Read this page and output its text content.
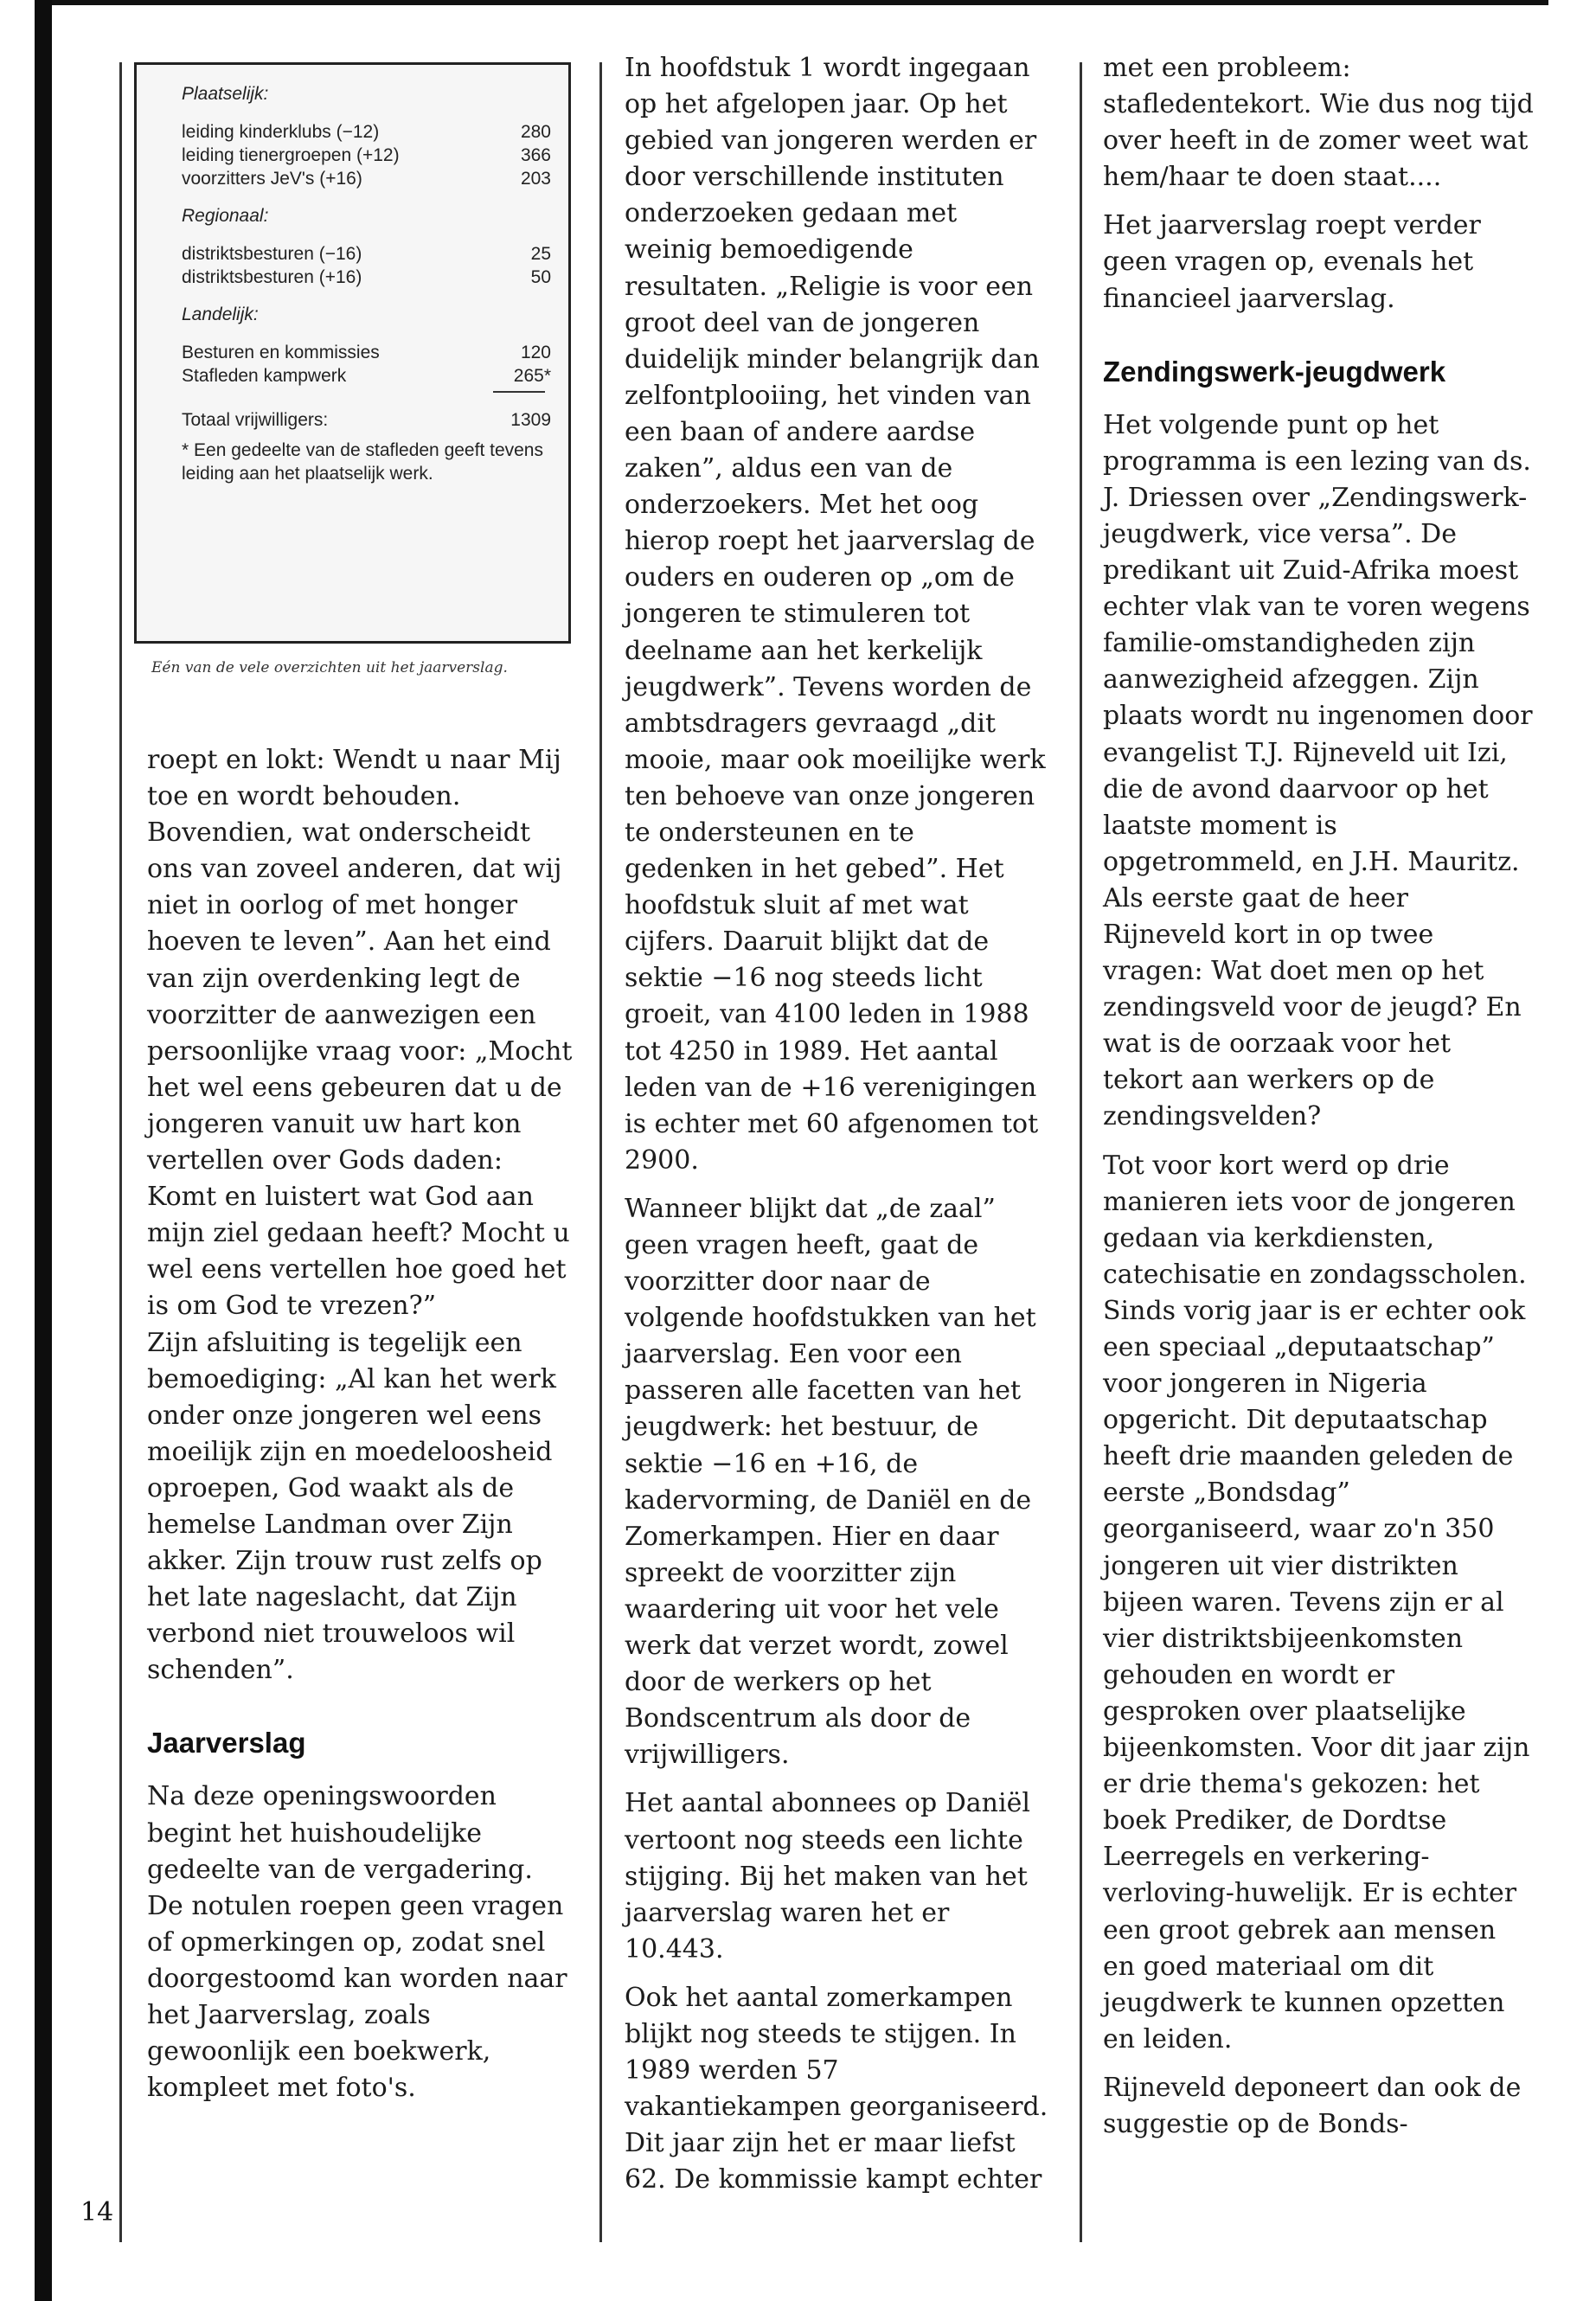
Plaatselijk:
leiding kinderklubs (−12)	280
leiding tienergroepen (+12)	366
voorzitters JeV's (+16)	203
Regionaal:
distriktsbesturen (−16)	25
distriktsbesturen (+16)	50
Landelijk:
Besturen en kommissies	120
Stafleden kampwerk	265*
Totaal vrijwilligers:	1309
* Een gedeelte van de stafleden geeft tevens leiding aan het plaatselijk werk.
Eén van de vele overzichten uit het jaarverslag.

roept en lokt: Wendt u naar Mij toe en wordt behouden. Bovendien, wat onderscheidt ons van zoveel anderen, dat wij niet in oorlog of met honger hoeven te leven”. Aan het eind van zijn overdenking legt de voorzitter de aanwezigen een persoonlijke vraag voor: „Mocht het wel eens gebeuren dat u de jongeren vanuit uw hart kon vertellen over Gods daden: Komt en luistert wat God aan mijn ziel gedaan heeft? Mocht u wel eens vertellen hoe goed het is om God te vrezen?”

Zijn afsluiting is tegelijk een bemoediging: „Al kan het werk onder onze jongeren wel eens moeilijk zijn en moedeloosheid oproepen, God waakt als de hemelse Landman over Zijn akker. Zijn trouw rust zelfs op het late nageslacht, dat Zijn verbond niet trouweloos wil schenden”.

Jaarverslag

Na deze openingswoorden begint het huishoudelijke gedeelte van de vergadering. De notulen roepen geen vragen of opmerkingen op, zodat snel doorgestoomd kan worden naar het Jaarverslag, zoals gewoonlijk een boekwerk, kompleet met foto's.

In hoofdstuk 1 wordt ingegaan op het afgelopen jaar. Op het gebied van jongeren werden er door verschillende instituten onderzoeken gedaan met weinig bemoedigende resultaten. „Religie is voor een groot deel van de jongeren duidelijk minder belangrijk dan zelfontplooiing, het vinden van een baan of andere aardse zaken”, aldus een van de onderzoekers. Met het oog hierop roept het jaarverslag de ouders en ouderen op „om de jongeren te stimuleren tot deelname aan het kerkelijk jeugdwerk”. Tevens worden de ambtsdragers gevraagd „dit mooie, maar ook moeilijke werk ten behoeve van onze jongeren te ondersteunen en te gedenken in het gebed”. Het hoofdstuk sluit af met wat cijfers. Daaruit blijkt dat de sektie −16 nog steeds licht groeit, van 4100 leden in 1988 tot 4250 in 1989. Het aantal leden van de +16 verenigingen is echter met 60 afgenomen tot 2900.

Wanneer blijkt dat „de zaal” geen vragen heeft, gaat de voorzitter door naar de volgende hoofdstukken van het jaarverslag. Een voor een passeren alle facetten van het jeugdwerk: het bestuur, de sektie −16 en +16, de kadervorming, de Daniël en de Zomerkampen. Hier en daar spreekt de voorzitter zijn waardering uit voor het vele werk dat verzet wordt, zowel door de werkers op het Bondscentrum als door de vrijwilligers.

Het aantal abonnees op Daniël vertoont nog steeds een lichte stijging. Bij het maken van het jaarverslag waren het er 10.443.

Ook het aantal zomerkampen blijkt nog steeds te stijgen. In 1989 werden 57 vakantiekampen georganiseerd. Dit jaar zijn het er maar liefst 62. De kommissie kampt echter

met een probleem: stafledentekort. Wie dus nog tijd over heeft in de zomer weet wat hem/haar te doen staat....

Het jaarverslag roept verder geen vragen op, evenals het financieel jaarverslag.

Zendingswerk-jeugdwerk

Het volgende punt op het programma is een lezing van ds. J. Driessen over „Zendingswerk-jeugdwerk, vice versa”. De predikant uit Zuid-Afrika moest echter vlak van te voren wegens familie-omstandigheden zijn aanwezigheid afzeggen. Zijn plaats wordt nu ingenomen door evangelist T.J. Rijneveld uit Izi, die de avond daarvoor op het laatste moment is opgetrommeld, en J.H. Mauritz. Als eerste gaat de heer Rijneveld kort in op twee vragen: Wat doet men op het zendingsveld voor de jeugd? En wat is de oorzaak voor het tekort aan werkers op de zendingsvelden?

Tot voor kort werd op drie manieren iets voor de jongeren gedaan via kerkdiensten, catechisatie en zondagsscholen.

Sinds vorig jaar is er echter ook een speciaal „deputaatschap” voor jongeren in Nigeria opgericht. Dit deputaatschap heeft drie maanden geleden de eerste „Bondsdag” georganiseerd, waar zo'n 350 jongeren uit vier distrikten bijeen waren. Tevens zijn er al vier distriktsbijeenkomsten gehouden en wordt er gesproken over plaatselijke bijeenkomsten. Voor dit jaar zijn er drie thema's gekozen: het boek Prediker, de Dordtse Leerregels en verkering-verloving-huwelijk. Er is echter een groot gebrek aan mensen en goed materiaal om dit jeugdwerk te kunnen opzetten en leiden.

Rijneveld deponeert dan ook de suggestie op de Bonds-

14
